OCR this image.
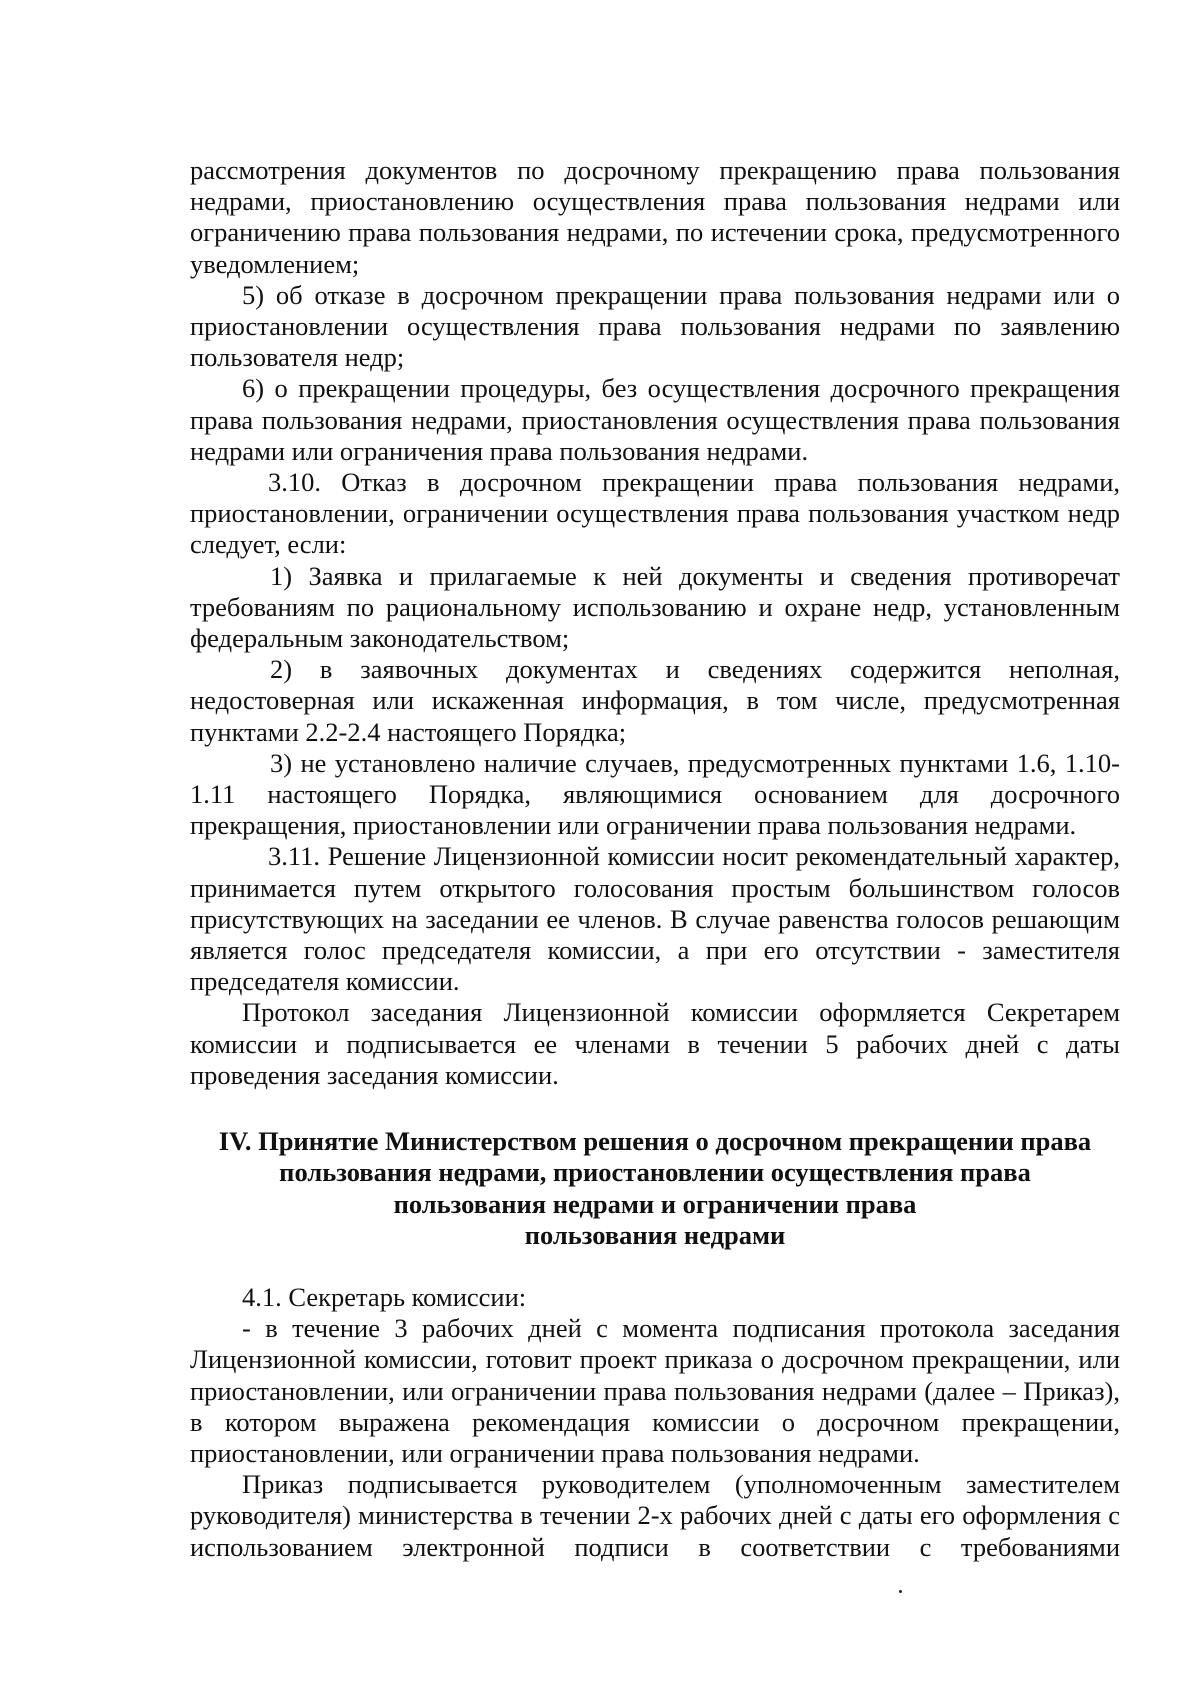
рассмотрения документов по досрочному прекращению права пользования недрами, приостановлению осуществления права пользования недрами или ограничению права пользования недрами, по истечении срока, предусмотренного уведомлением;

5) об отказе в досрочном прекращении права пользования недрами или о приостановлении осуществления права пользования недрами по заявлению пользователя недр;

6) о прекращении процедуры, без осуществления досрочного прекращения права пользования недрами, приостановления осуществления права пользования недрами или ограничения права пользования недрами.

3.10. Отказ в досрочном прекращении права пользования недрами, приостановлении, ограничении осуществления права пользования участком недр следует, если:

1) Заявка и прилагаемые к ней документы и сведения противоречат требованиям по рациональному использованию и охране недр, установленным федеральным законодательством;

2) в заявочных документах и сведениях содержится неполная, недостоверная или искаженная информация, в том числе, предусмотренная пунктами 2.2-2.4 настоящего Порядка;

3) не установлено наличие случаев, предусмотренных пунктами 1.6, 1.10-1.11 настоящего Порядка, являющимися основанием для досрочного прекращения, приостановлении или ограничении права пользования недрами.

3.11. Решение Лицензионной комиссии носит рекомендательный характер, принимается путем открытого голосования простым большинством голосов присутствующих на заседании ее членов. В случае равенства голосов решающим является голос председателя комиссии, а при его отсутствии - заместителя председателя комиссии.

Протокол заседания Лицензионной комиссии оформляется Секретарем комиссии и подписывается ее членами в течении 5 рабочих дней с даты проведения заседания комиссии.

IV. Принятие Министерством решения о досрочном прекращении права
пользования недрами, приостановлении осуществления права
пользования недрами и ограничении права
пользования недрами

4.1. Секретарь комиссии:

- в течение 3 рабочих дней с момента подписания протокола заседания Лицензионной комиссии, готовит проект приказа о досрочном прекращении, или приостановлении, или ограничении права пользования недрами (далее – Приказ), в котором выражена рекомендация комиссии о досрочном прекращении, приостановлении, или ограничении права пользования недрами.

Приказ подписывается руководителем (уполномоченным заместителем руководителя) министерства в течении 2-х рабочих дней с даты его оформления с использованием электронной подписи в соответствии с требованиями
